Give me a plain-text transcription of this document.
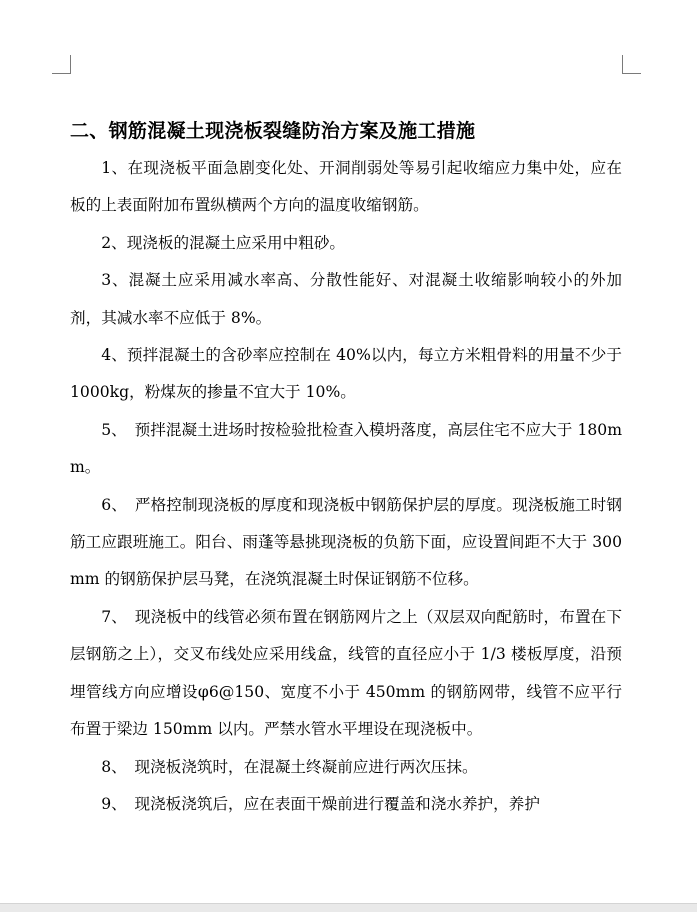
二、钢筋混凝土现浇板裂缝防治方案及施工措施

1、在现浇板平面急剧变化处、开洞削弱处等易引起收缩应力集中处，应在板的上表面附加布置纵横两个方向的温度收缩钢筋。

2、现浇板的混凝土应采用中粗砂。

3、混凝土应采用减水率高、分散性能好、对混凝土收缩影响较小的外加剂，其减水率不应低于 8%。

4、预拌混凝土的含砂率应控制在 40%以内，每立方米粗骨料的用量不少于 1000kg，粉煤灰的掺量不宜大于 10%。

5、　预拌混凝土进场时按检验批检查入模坍落度，高层住宅不应大于 180mm。

6、　严格控制现浇板的厚度和现浇板中钢筋保护层的厚度。现浇板施工时钢筋工应跟班施工。阳台、雨蓬等悬挑现浇板的负筋下面，应设置间距不大于 300mm 的钢筋保护层马凳，在浇筑混凝土时保证钢筋不位移。

7、　现浇板中的线管必须布置在钢筋网片之上（双层双向配筋时，布置在下层钢筋之上），交叉布线处应采用线盒，线管的直径应小于 1/3 楼板厚度，沿预埋管线方向应增设φ6@150、宽度不小于 450mm 的钢筋网带，线管不应平行布置于梁边 150mm 以内。严禁水管水平埋设在现浇板中。

8、　现浇板浇筑时，在混凝土终凝前应进行两次压抹。

9、　现浇板浇筑后，应在表面干燥前进行覆盖和浇水养护，养护
